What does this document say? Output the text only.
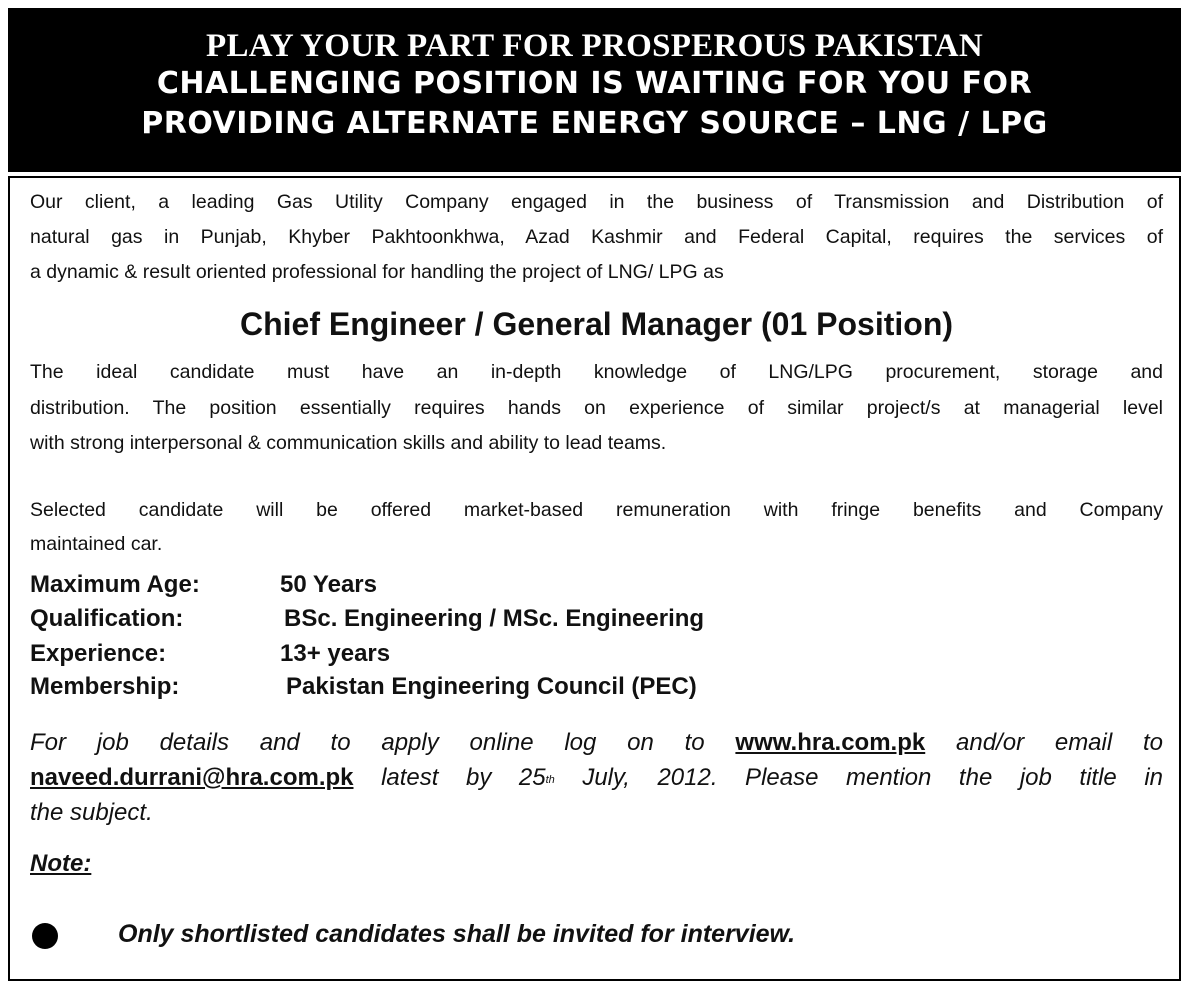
PLAY YOUR PART FOR PROSPEROUS PAKISTAN
CHALLENGING POSITION IS WAITING FOR YOU FOR
PROVIDING ALTERNATE ENERGY SOURCE – LNG / LPG
Our client, a leading Gas Utility Company engaged in the business of Transmission and Distribution of
natural gas in Punjab, Khyber Pakhtoonkhwa, Azad Kashmir and Federal Capital, requires the services of
a dynamic & result oriented professional for handling the project of LNG/ LPG as
Chief Engineer / General Manager (01 Position)
The ideal candidate must have an in-depth knowledge of LNG/LPG procurement, storage and
distribution. The position essentially requires hands on experience of similar project/s at managerial level
with strong interpersonal & communication skills and ability to lead teams.
Selected candidate will be offered market-based remuneration with fringe benefits and Company
maintained car.
Maximum Age:	50 Years
Qualification:	BSc. Engineering / MSc. Engineering
Experience:	13+ years
Membership:	Pakistan Engineering Council (PEC)
For job details and to apply online log on to www.hra.com.pk and/or email to
naveed.durrani@hra.com.pk latest by 25th July, 2012. Please mention the job title in
the subject.
Note:
Only shortlisted candidates shall be invited for interview.
